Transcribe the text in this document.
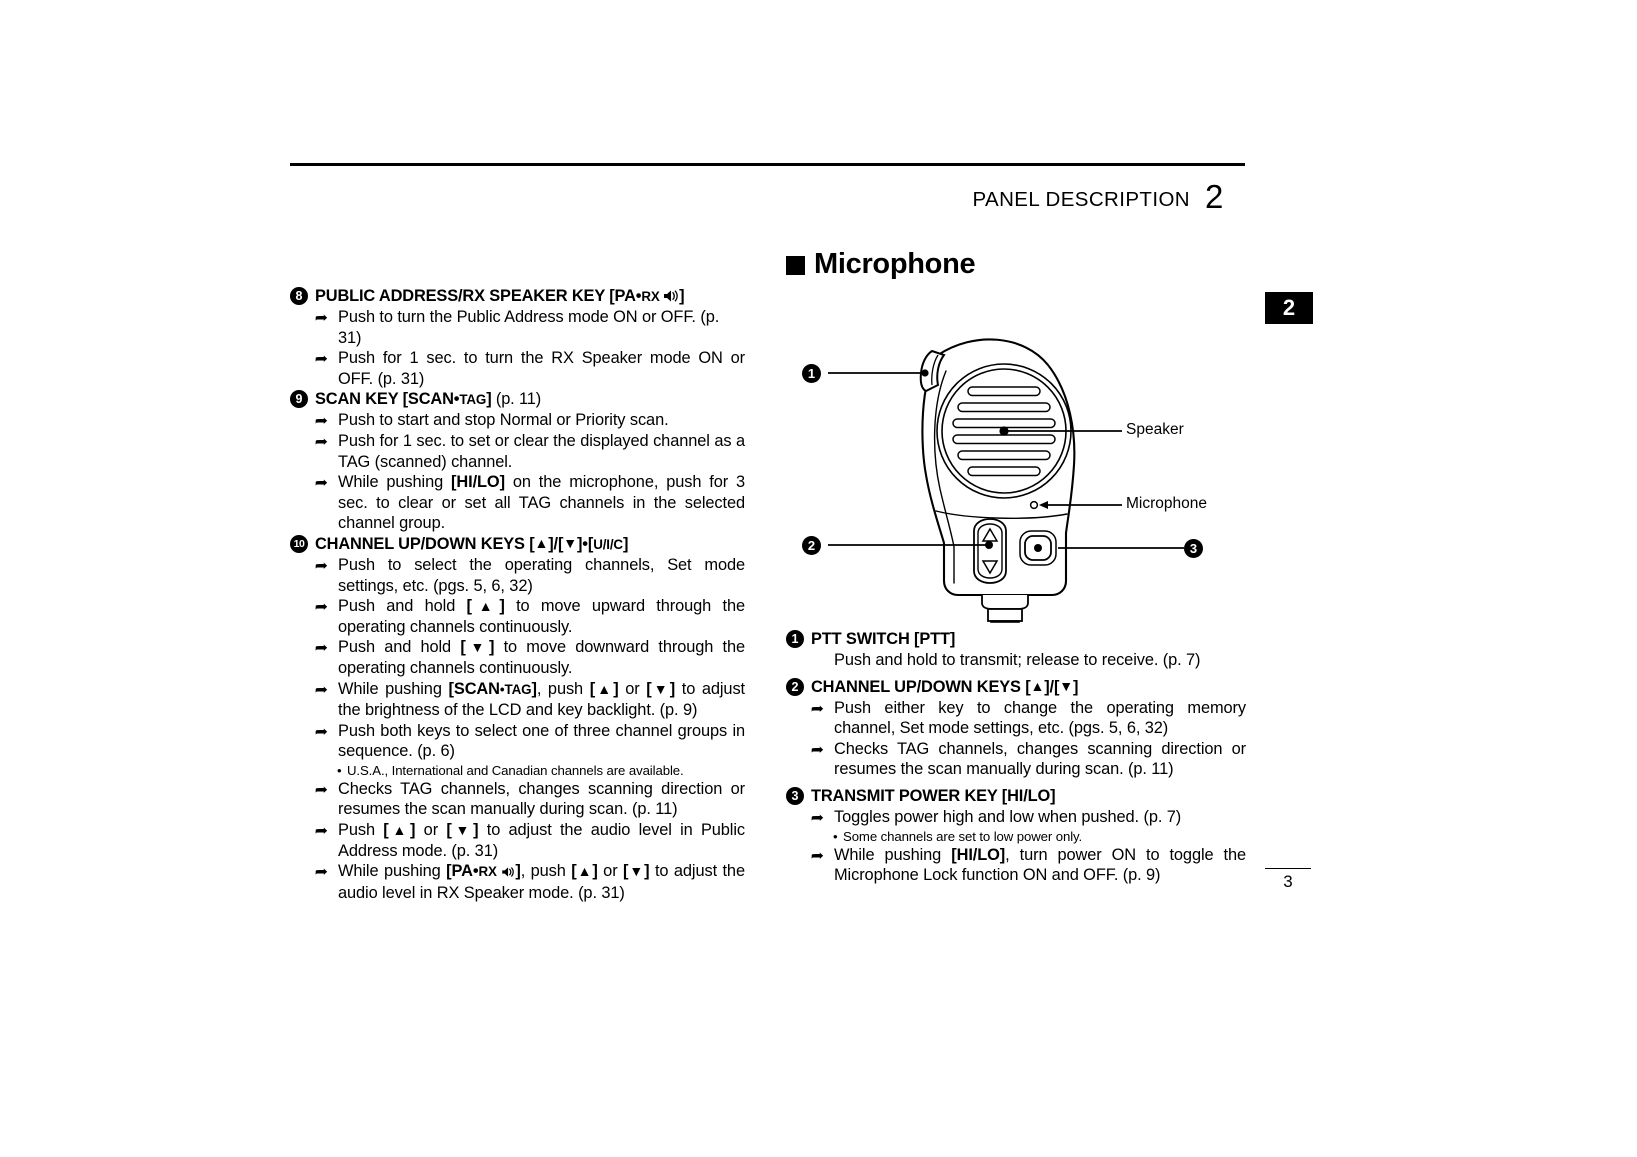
PANEL DESCRIPTION 2
2
3
8 PUBLIC ADDRESS/RX SPEAKER KEY [PA•RX ]
➥ Push to turn the Public Address mode ON or OFF. (p. 31)
➥ Push for 1 sec. to turn the RX Speaker mode ON or OFF. (p. 31)
9 SCAN KEY [SCAN•TAG] (p. 11)
➥ Push to start and stop Normal or Priority scan.
➥ Push for 1 sec. to set or clear the displayed channel as a TAG (scanned) channel.
➥ While pushing [HI/LO] on the microphone, push for 3 sec. to clear or set all TAG channels in the selected channel group.
10 CHANNEL UP/DOWN KEYS [▲]/[▼]•[U/I/C]
➥ Push to select the operating channels, Set mode settings, etc. (pgs. 5, 6, 32)
➥ Push and hold [▲] to move upward through the operating channels continuously.
➥ Push and hold [▼] to move downward through the operating channels continuously.
➥ While pushing [SCAN•TAG], push [▲] or [▼] to adjust the brightness of the LCD and key backlight. (p. 9)
➥ Push both keys to select one of three channel groups in sequence. (p. 6)
• U.S.A., International and Canadian channels are available.
➥ Checks TAG channels, changes scanning direction or resumes the scan manually during scan. (p. 11)
➥ Push [▲] or [▼] to adjust the audio level in Public Address mode. (p. 31)
➥ While pushing [PA•RX ], push [▲] or [▼] to adjust the audio level in RX Speaker mode. (p. 31)
Microphone
1
2	3
Speaker
Microphone
1 PTT SWITCH [PTT]
Push and hold to transmit; release to receive. (p. 7)
2 CHANNEL UP/DOWN KEYS [▲]/[▼]
➥ Push either key to change the operating memory channel, Set mode settings, etc. (pgs. 5, 6, 32)
➥ Checks TAG channels, changes scanning direction or resumes the scan manually during scan. (p. 11)
3 TRANSMIT POWER KEY [HI/LO]
➥ Toggles power high and low when pushed. (p. 7)
• Some channels are set to low power only.
➥ While pushing [HI/LO], turn power ON to toggle the Microphone Lock function ON and OFF. (p. 9)
